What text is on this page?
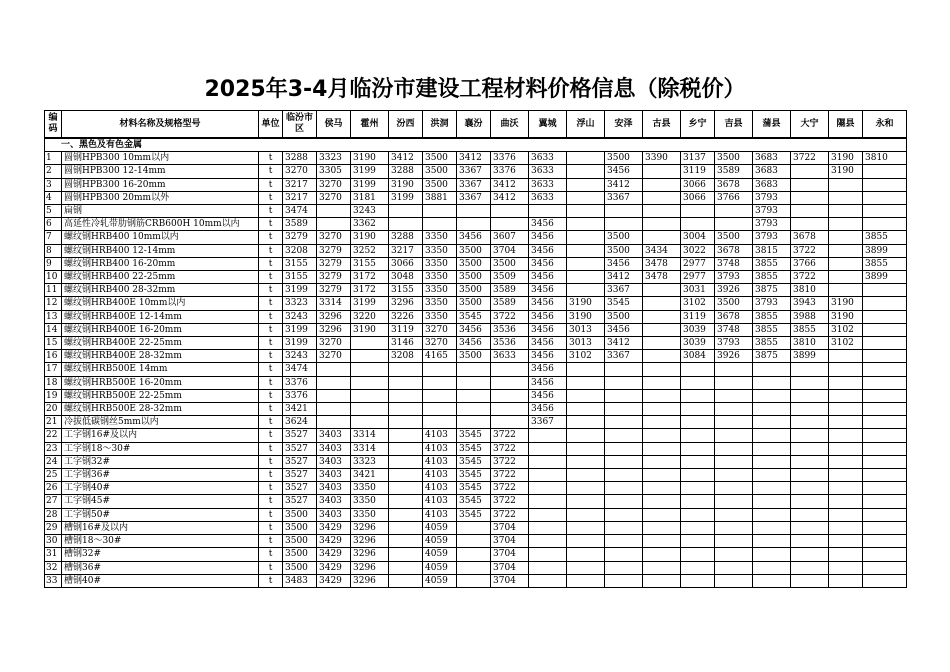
2025年3-4月临汾市建设工程材料价格信息（除税价）
编码	材料名称及规格型号	单位	临汾市区	侯马	霍州	汾西	洪洞	襄汾	曲沃	翼城	浮山	安泽	古县	乡宁	吉县	蒲县	大宁	隰县	永和
一、黑色及有色金属																			
1	圆钢HPB300 10mm以内	t	3288	3323	3190	3412	3500	3412	3376	3633		3500	3390	3137	3500	3683	3722	3190	3810
2	圆钢HPB300 12-14mm	t	3270	3305	3199	3288	3500	3367	3376	3633		3456		3119	3589	3683		3190	
3	圆钢HPB300 16-20mm	t	3217	3270	3199	3190	3500	3367	3412	3633		3412		3066	3678	3683			
4	圆钢HPB300 20mm以外	t	3217	3270	3181	3199	3881	3367	3412	3633		3367		3066	3766	3793			
5	扁钢	t	3474		3243											3793			
6	高延性冷轧带肋钢筋CRB600H 10mm以内	t	3589		3362					3456						3793			
7	螺纹钢HRB400 10mm以内	t	3279	3270	3190	3288	3350	3456	3607	3456		3500		3004	3500	3793	3678		3855
8	螺纹钢HRB400 12-14mm	t	3208	3279	3252	3217	3350	3500	3704	3456		3500	3434	3022	3678	3815	3722		3899
9	螺纹钢HRB400 16-20mm	t	3155	3279	3155	3066	3350	3500	3500	3456		3456	3478	2977	3748	3855	3766		3855
10	螺纹钢HRB400 22-25mm	t	3155	3279	3172	3048	3350	3500	3509	3456		3412	3478	2977	3793	3855	3722		3899
11	螺纹钢HRB400 28-32mm	t	3199	3279	3172	3155	3350	3500	3589	3456		3367		3031	3926	3875	3810		
12	螺纹钢HRB400E 10mm以内	t	3323	3314	3199	3296	3350	3500	3589	3456	3190	3545		3102	3500	3793	3943	3190	
13	螺纹钢HRB400E 12-14mm	t	3243	3296	3220	3226	3350	3545	3722	3456	3190	3500		3119	3678	3855	3988	3190	
14	螺纹钢HRB400E 16-20mm	t	3199	3296	3190	3119	3270	3456	3536	3456	3013	3456		3039	3748	3855	3855	3102	
15	螺纹钢HRB400E 22-25mm	t	3199	3270		3146	3270	3456	3536	3456	3013	3412		3039	3793	3855	3810	3102	
16	螺纹钢HRB400E 28-32mm	t	3243	3270		3208	4165	3500	3633	3456	3102	3367		3084	3926	3875	3899		
17	螺纹钢HRB500E 14mm	t	3474							3456									
18	螺纹钢HRB500E 16-20mm	t	3376							3456									
19	螺纹钢HRB500E 22-25mm	t	3376							3456									
20	螺纹钢HRB500E 28-32mm	t	3421							3456									
21	冷拔低碳钢丝5mm以内	t	3624							3367									
22	工字钢16#及以内	t	3527	3403	3314		4103	3545	3722										
23	工字钢18～30#	t	3527	3403	3314		4103	3545	3722										
24	工字钢32#	t	3527	3403	3323		4103	3545	3722										
25	工字钢36#	t	3527	3403	3421		4103	3545	3722										
26	工字钢40#	t	3527	3403	3350		4103	3545	3722										
27	工字钢45#	t	3527	3403	3350		4103	3545	3722										
28	工字钢50#	t	3500	3403	3350		4103	3545	3722										
29	槽钢16#及以内	t	3500	3429	3296		4059		3704										
30	槽钢18～30#	t	3500	3429	3296		4059		3704										
31	槽钢32#	t	3500	3429	3296		4059		3704										
32	槽钢36#	t	3500	3429	3296		4059		3704										
33	槽钢40#	t	3483	3429	3296		4059		3704										
